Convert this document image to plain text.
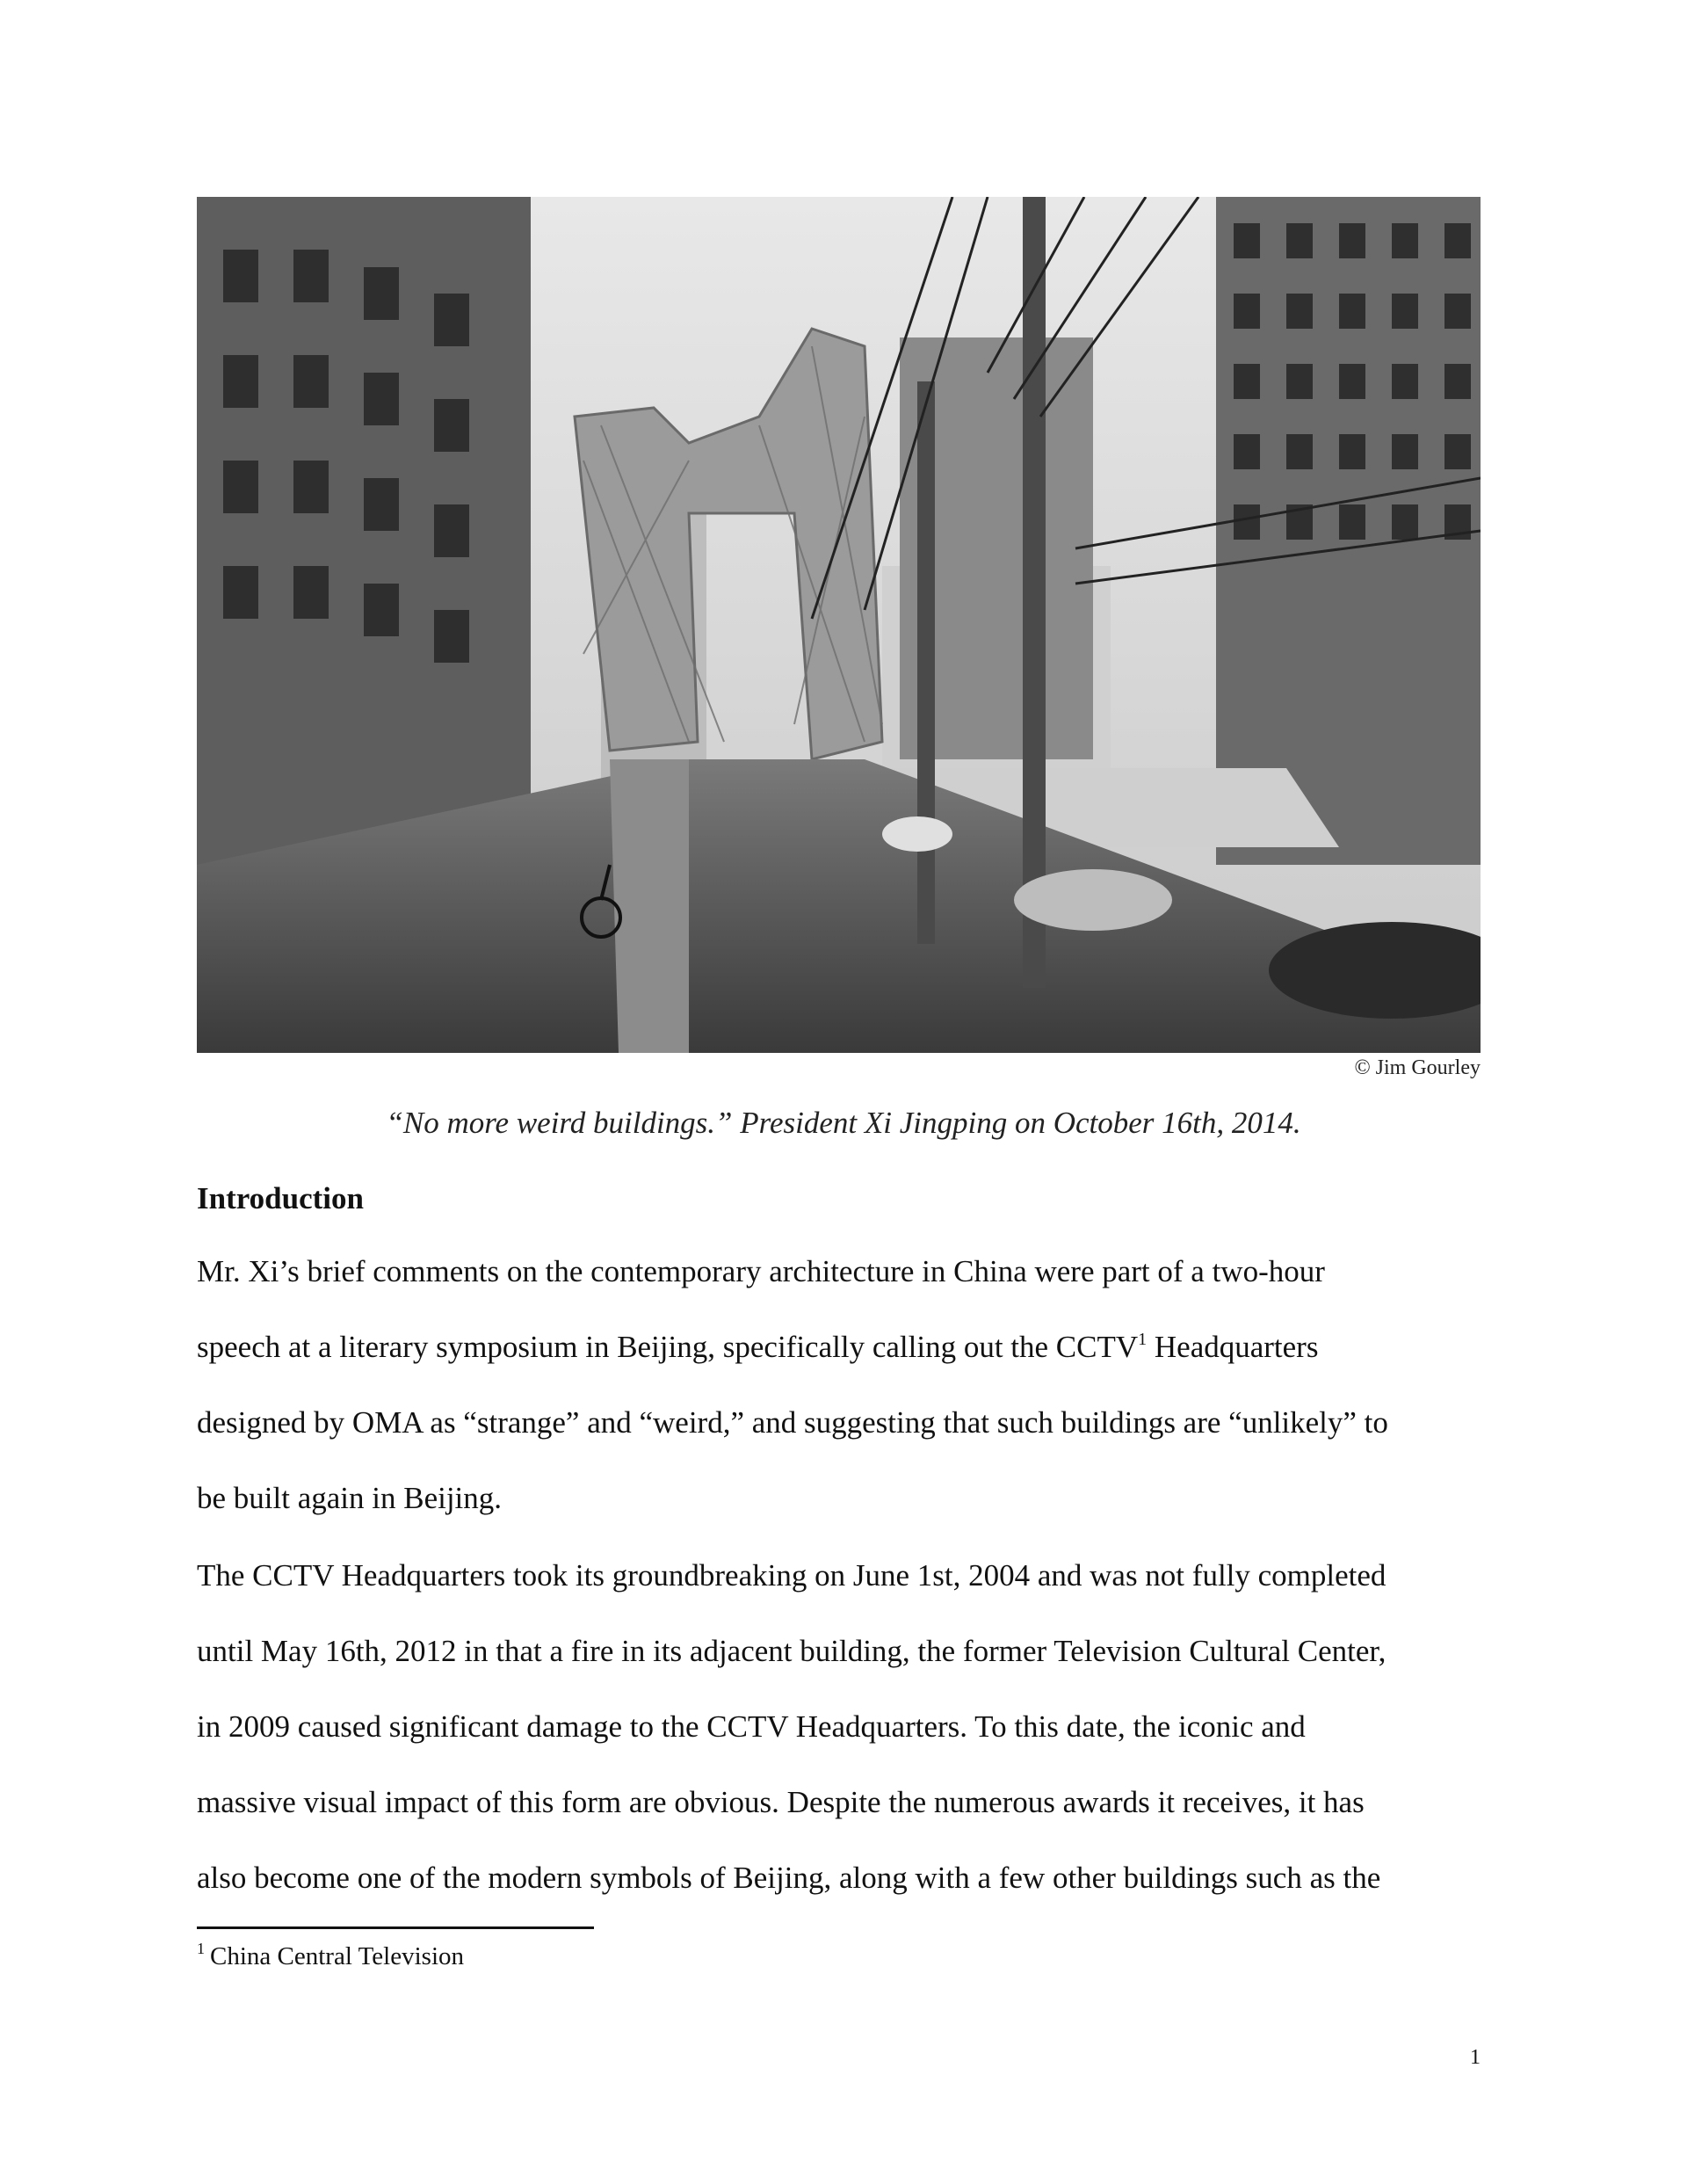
© Jim Gourley
“No more weird buildings.” President Xi Jingping on October 16th, 2014.
Introduction

Mr. Xi’s brief comments on the contemporary architecture in China were part of a two-hour

speech at a literary symposium in Beijing, specifically calling out the CCTV$^1$ Headquarters

designed by OMA as “strange” and “weird,” and suggesting that such buildings are “unlikely” to

be built again in Beijing.

The CCTV Headquarters took its groundbreaking on June 1st, 2004 and was not fully completed

until May 16th, 2012 in that a fire in its adjacent building, the former Television Cultural Center,

in 2009 caused significant damage to the CCTV Headquarters. To this date, the iconic and

massive visual impact of this form are obvious. Despite the numerous awards it receives, it has

also become one of the modern symbols of Beijing, along with a few other buildings such as the

$^1$ China Central Television
1
